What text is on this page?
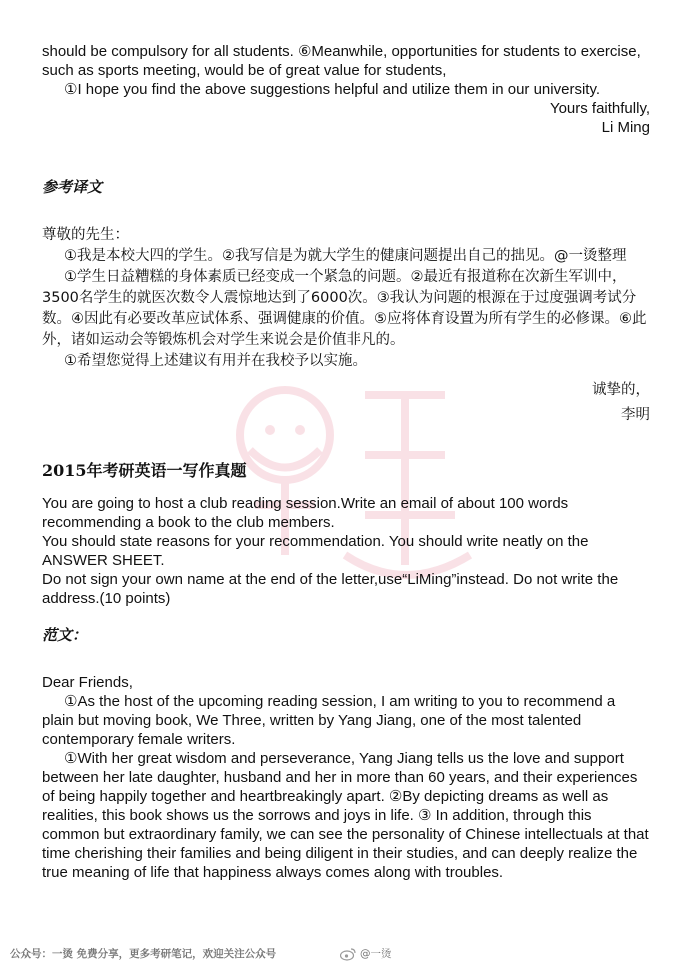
should be compulsory for all students. ⑥Meanwhile, opportunities for students to exercise, such as sports meeting, would be of great value for students,

①I hope you find the above suggestions helpful and utilize them in our university.

Yours faithfully,

Li Ming

参考译文

尊敬的先生：

①我是本校大四的学生。②我写信是为就大学生的健康问题提出自己的拙见。@一烫整理

①学生日益糟糕的身体素质已经变成一个紧急的问题。②最近有报道称在次新生军训中，3500名学生的就医次数令人震惊地达到了6000次。③我认为问题的根源在于过度强调考试分数。④因此有必要改革应试体系、强调健康的价值。⑤应将体育设置为所有学生的必修课。⑥此外，诸如运动会等锻炼机会对学生来说会是价值非凡的。

①希望您觉得上述建议有用并在我校予以实施。

诚挚的，

李明

2015年考研英语一写作真题

You are going to host a club reading session.Write an email of about 100 words recommending a book to the club members.

You should state reasons for your recommendation. You should write neatly on the ANSWER SHEET.

Do not sign your own name at the end of the letter,use“LiMing”instead. Do not write the address.(10 points)

范文：

Dear Friends,

①As the host of the upcoming reading session, I am writing to you to recommend a plain but moving book, We Three, written by Yang Jiang, one of the most talented contemporary female writers.

①With her great wisdom and perseverance, Yang Jiang tells us the love and support between her late daughter, husband and her in more than 60 years, and their experiences of being happily together and heartbreakingly apart. ②By depicting dreams as well as realities, this book shows us the sorrows and joys in life. ③ In addition, through this common but extraordinary family, we can see the personality of Chinese intellectuals at that time cherishing their families and being diligent in their studies, and can deeply realize the true meaning of life that happiness always comes along with troubles.

公众号：一烫 免费分享，更多考研笔记，欢迎关注公众号	@一烫
